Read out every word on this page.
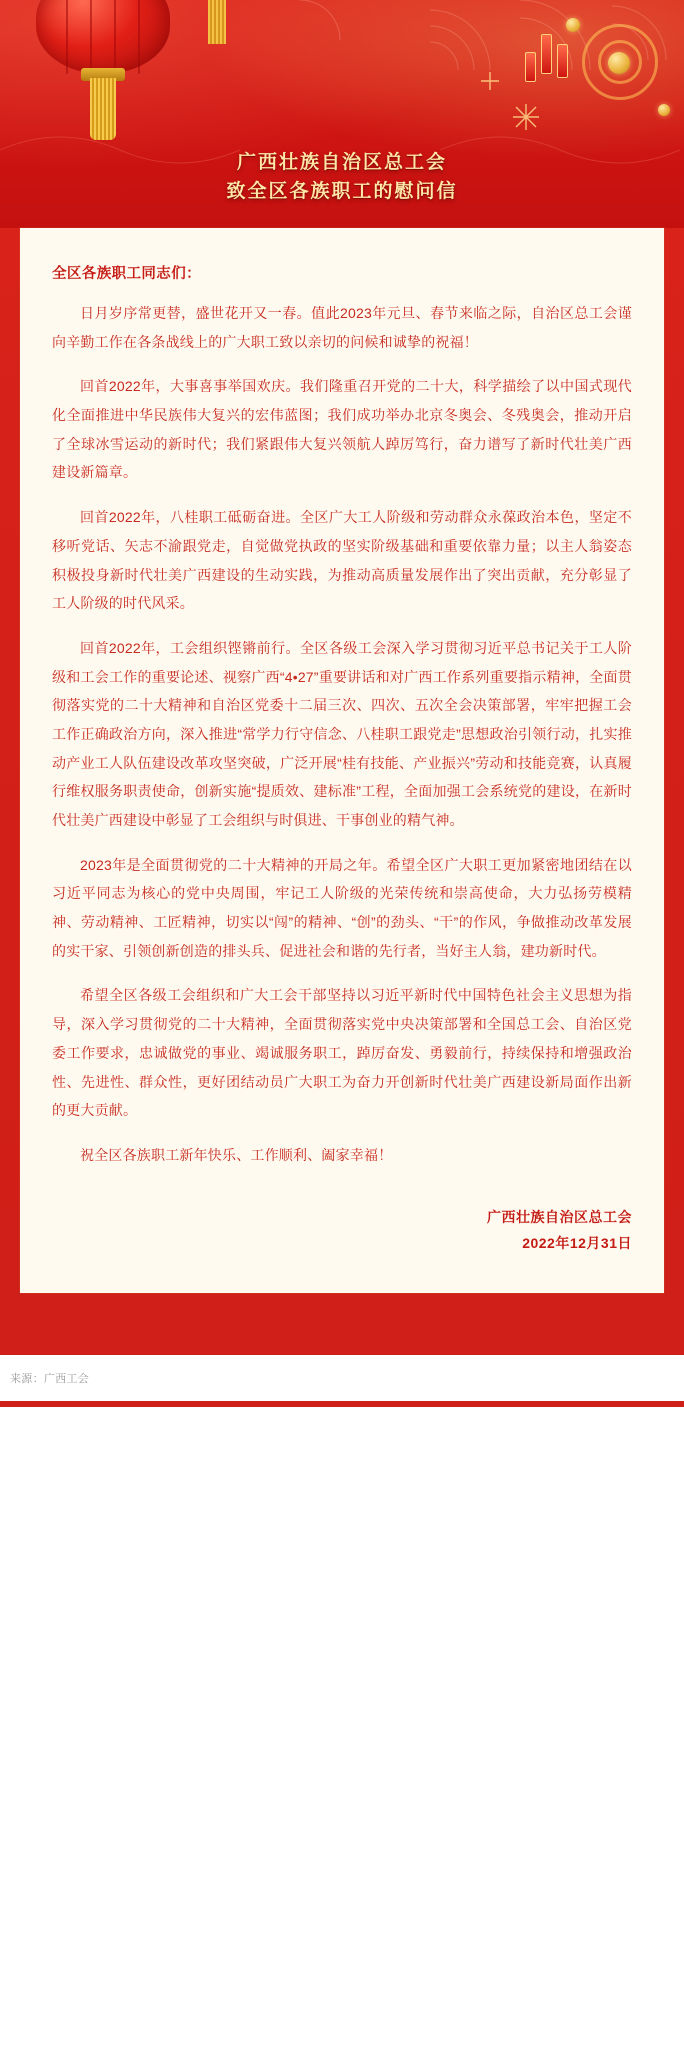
广西壮族自治区总工会
致全区各族职工的慰问信

全区各族职工同志们：

日月岁序常更替，盛世花开又一春。值此2023年元旦、春节来临之际，自治区总工会谨向辛勤工作在各条战线上的广大职工致以亲切的问候和诚挚的祝福！

回首2022年，大事喜事举国欢庆。我们隆重召开党的二十大，科学描绘了以中国式现代化全面推进中华民族伟大复兴的宏伟蓝图；我们成功举办北京冬奥会、冬残奥会，推动开启了全球冰雪运动的新时代；我们紧跟伟大复兴领航人踔厉笃行，奋力谱写了新时代壮美广西建设新篇章。

回首2022年，八桂职工砥砺奋进。全区广大工人阶级和劳动群众永葆政治本色，坚定不移听党话、矢志不渝跟党走，自觉做党执政的坚实阶级基础和重要依靠力量；以主人翁姿态积极投身新时代壮美广西建设的生动实践，为推动高质量发展作出了突出贡献，充分彰显了工人阶级的时代风采。

回首2022年，工会组织铿锵前行。全区各级工会深入学习贯彻习近平总书记关于工人阶级和工会工作的重要论述、视察广西“4•27”重要讲话和对广西工作系列重要指示精神，全面贯彻落实党的二十大精神和自治区党委十二届三次、四次、五次全会决策部署，牢牢把握工会工作正确政治方向，深入推进“常学力行守信念、八桂职工跟党走”思想政治引领行动，扎实推动产业工人队伍建设改革攻坚突破，广泛开展“桂有技能、产业振兴”劳动和技能竞赛，认真履行维权服务职责使命，创新实施“提质效、建标准”工程，全面加强工会系统党的建设，在新时代壮美广西建设中彰显了工会组织与时俱进、干事创业的精气神。

2023年是全面贯彻党的二十大精神的开局之年。希望全区广大职工更加紧密地团结在以习近平同志为核心的党中央周围，牢记工人阶级的光荣传统和崇高使命，大力弘扬劳模精神、劳动精神、工匠精神，切实以“闯”的精神、“创”的劲头、“干”的作风，争做推动改革发展的实干家、引领创新创造的排头兵、促进社会和谐的先行者，当好主人翁，建功新时代。

希望全区各级工会组织和广大工会干部坚持以习近平新时代中国特色社会主义思想为指导，深入学习贯彻党的二十大精神，全面贯彻落实党中央决策部署和全国总工会、自治区党委工作要求，忠诚做党的事业、竭诚服务职工，踔厉奋发、勇毅前行，持续保持和增强政治性、先进性、群众性，更好团结动员广大职工为奋力开创新时代壮美广西建设新局面作出新的更大贡献。

祝全区各族职工新年快乐、工作顺利、阖家幸福！

广西壮族自治区总工会
2022年12月31日
来源：广西工会
